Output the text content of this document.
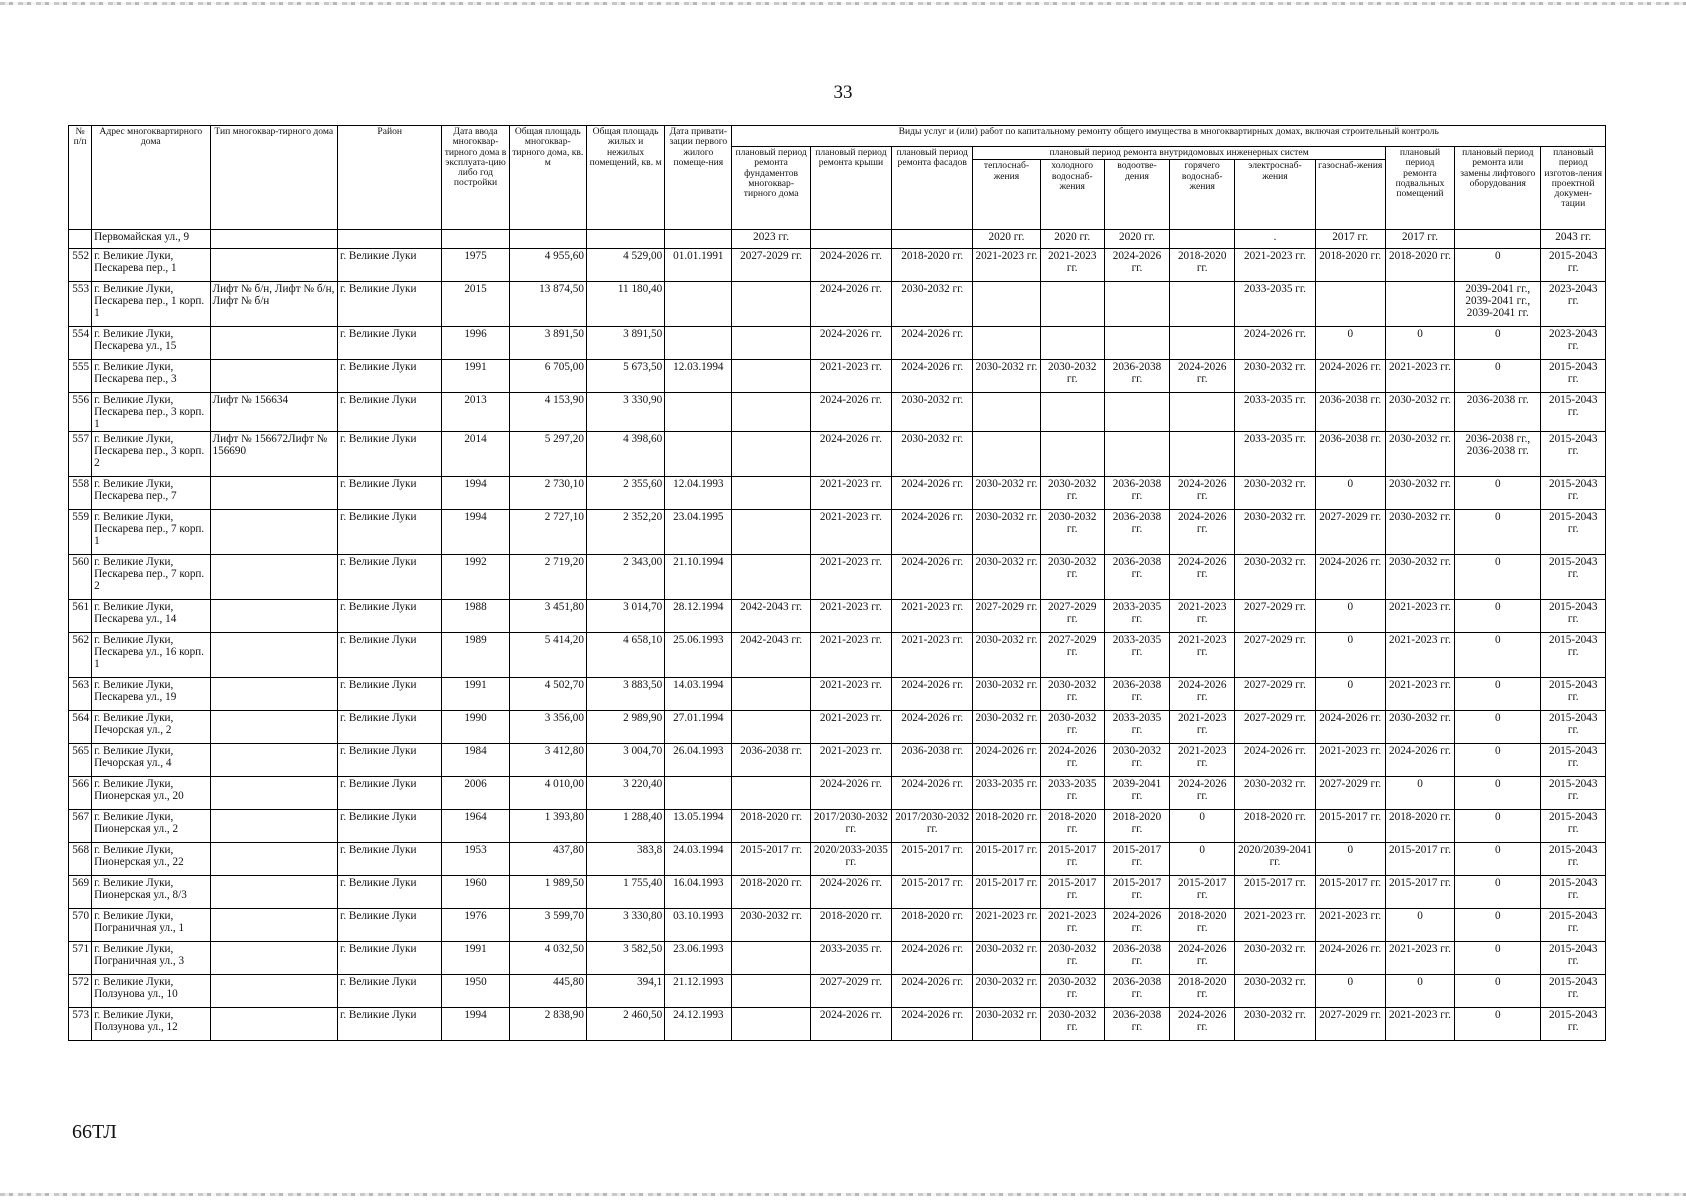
33
№ п/п	Адрес многоквартирного дома	Тип многоквар-тирного дома	Район	Дата ввода многоквар-тирного дома в эксплуата-цию либо год постройки	Общая площадь многоквар-тирного дома, кв. м	Общая площадь жилых и нежилых помещений, кв. м	Дата привати-зации первого жилого помеще-ния	Виды услуг и (или) работ по капитальному ремонту общего имущества в многоквартирных домах, включая строительный контроль											
								плановый период ремонта фундаментов многоквар-тирного дома	плановый период ремонта крыши	плановый период ремонта фасадов	плановый период ремонта внутридомовых инженерных систем						плановый период ремонта подвальных помещений	плановый период ремонта или замены лифтового оборудования	плановый период изготов-ления проектной докумен-тации
											теплоснаб-жения	холодного водоснаб-жения	водоотве-дения	горячего водоснаб-жения	электроснаб-жения	газоснаб-жения			
	Первомайская ул., 9							2023 гг.			2020 гг.	2020 гг.	2020 гг.		.	2017 гг.	2017 гг.		2043 гг.
552	г. Великие Луки, Пескарева пер., 1		г. Великие Луки	1975	4 955,60	4 529,00	01.01.1991	2027-2029 гг.	2024-2026 гг.	2018-2020 гг.	2021-2023 гг.	2021-2023 гг.	2024-2026 гг.	2018-2020 гг.	2021-2023 гг.	2018-2020 гг.	2018-2020 гг.	0	2015-2043 гг.
553	г. Великие Луки, Пескарева пер., 1 корп. 1	Лифт № б/н, Лифт № б/н, Лифт № б/н	г. Великие Луки	2015	13 874,50	11 180,40			2024-2026 гг.	2030-2032 гг.					2033-2035 гг.			2039-2041 гг., 2039-2041 гг., 2039-2041 гг.	2023-2043 гг.
554	г. Великие Луки, Пескарева ул., 15		г. Великие Луки	1996	3 891,50	3 891,50			2024-2026 гг.	2024-2026 гг.					2024-2026 гг.	0	0	0	2023-2043 гг.
555	г. Великие Луки, Пескарева пер., 3		г. Великие Луки	1991	6 705,00	5 673,50	12.03.1994		2021-2023 гг.	2024-2026 гг.	2030-2032 гг.	2030-2032 гг.	2036-2038 гг.	2024-2026 гг.	2030-2032 гг.	2024-2026 гг.	2021-2023 гг.	0	2015-2043 гг.
556	г. Великие Луки, Пескарева пер., 3 корп. 1	Лифт № 156634	г. Великие Луки	2013	4 153,90	3 330,90			2024-2026 гг.	2030-2032 гг.					2033-2035 гг.	2036-2038 гг.	2030-2032 гг.	2036-2038 гг.	2015-2043 гг.
557	г. Великие Луки, Пескарева пер., 3 корп. 2	Лифт № 156672Лифт № 156690	г. Великие Луки	2014	5 297,20	4 398,60			2024-2026 гг.	2030-2032 гг.					2033-2035 гг.	2036-2038 гг.	2030-2032 гг.	2036-2038 гг., 2036-2038 гг.	2015-2043 гг.
558	г. Великие Луки, Пескарева пер., 7		г. Великие Луки	1994	2 730,10	2 355,60	12.04.1993		2021-2023 гг.	2024-2026 гг.	2030-2032 гг.	2030-2032 гг.	2036-2038 гг.	2024-2026 гг.	2030-2032 гг.	0	2030-2032 гг.	0	2015-2043 гг.
559	г. Великие Луки, Пескарева пер., 7 корп. 1		г. Великие Луки	1994	2 727,10	2 352,20	23.04.1995		2021-2023 гг.	2024-2026 гг.	2030-2032 гг.	2030-2032 гг.	2036-2038 гг.	2024-2026 гг.	2030-2032 гг.	2027-2029 гг.	2030-2032 гг.	0	2015-2043 гг.
560	г. Великие Луки, Пескарева пер., 7 корп. 2		г. Великие Луки	1992	2 719,20	2 343,00	21.10.1994		2021-2023 гг.	2024-2026 гг.	2030-2032 гг.	2030-2032 гг.	2036-2038 гг.	2024-2026 гг.	2030-2032 гг.	2024-2026 гг.	2030-2032 гг.	0	2015-2043 гг.
561	г. Великие Луки, Пескарева ул., 14		г. Великие Луки	1988	3 451,80	3 014,70	28.12.1994	2042-2043 гг.	2021-2023 гг.	2021-2023 гг.	2027-2029 гг.	2027-2029 гг.	2033-2035 гг.	2021-2023 гг.	2027-2029 гг.	0	2021-2023 гг.	0	2015-2043 гг.
562	г. Великие Луки, Пескарева ул., 16 корп. 1		г. Великие Луки	1989	5 414,20	4 658,10	25.06.1993	2042-2043 гг.	2021-2023 гг.	2021-2023 гг.	2030-2032 гг.	2027-2029 гг.	2033-2035 гг.	2021-2023 гг.	2027-2029 гг.	0	2021-2023 гг.	0	2015-2043 гг.
563	г. Великие Луки, Пескарева ул., 19		г. Великие Луки	1991	4 502,70	3 883,50	14.03.1994		2021-2023 гг.	2024-2026 гг.	2030-2032 гг.	2030-2032 гг.	2036-2038 гг.	2024-2026 гг.	2027-2029 гг.	0	2021-2023 гг.	0	2015-2043 гг.
564	г. Великие Луки, Печорская ул., 2		г. Великие Луки	1990	3 356,00	2 989,90	27.01.1994		2021-2023 гг.	2024-2026 гг.	2030-2032 гг.	2030-2032 гг.	2033-2035 гг.	2021-2023 гг.	2027-2029 гг.	2024-2026 гг.	2030-2032 гг.	0	2015-2043 гг.
565	г. Великие Луки, Печорская ул., 4		г. Великие Луки	1984	3 412,80	3 004,70	26.04.1993	2036-2038 гг.	2021-2023 гг.	2036-2038 гг.	2024-2026 гг.	2024-2026 гг.	2030-2032 гг.	2021-2023 гг.	2024-2026 гг.	2021-2023 гг.	2024-2026 гг.	0	2015-2043 гг.
566	г. Великие Луки, Пионерская ул., 20		г. Великие Луки	2006	4 010,00	3 220,40			2024-2026 гг.	2024-2026 гг.	2033-2035 гг.	2033-2035 гг.	2039-2041 гг.	2024-2026 гг.	2030-2032 гг.	2027-2029 гг.	0	0	2015-2043 гг.
567	г. Великие Луки, Пионерская ул., 2		г. Великие Луки	1964	1 393,80	1 288,40	13.05.1994	2018-2020 гг.	2017/2030-2032 гг.	2017/2030-2032 гг.	2018-2020 гг.	2018-2020 гг.	2018-2020 гг.	0	2018-2020 гг.	2015-2017 гг.	2018-2020 гг.	0	2015-2043 гг.
568	г. Великие Луки, Пионерская ул., 22		г. Великие Луки	1953	437,80	383,8	24.03.1994	2015-2017 гг.	2020/2033-2035 гг.	2015-2017 гг.	2015-2017 гг.	2015-2017 гг.	2015-2017 гг.	0	2020/2039-2041 гг.	0	2015-2017 гг.	0	2015-2043 гг.
569	г. Великие Луки, Пионерская ул., 8/3		г. Великие Луки	1960	1 989,50	1 755,40	16.04.1993	2018-2020 гг.	2024-2026 гг.	2015-2017 гг.	2015-2017 гг.	2015-2017 гг.	2015-2017 гг.	2015-2017 гг.	2015-2017 гг.	2015-2017 гг.	2015-2017 гг.	0	2015-2043 гг.
570	г. Великие Луки, Пограничная ул., 1		г. Великие Луки	1976	3 599,70	3 330,80	03.10.1993	2030-2032 гг.	2018-2020 гг.	2018-2020 гг.	2021-2023 гг.	2021-2023 гг.	2024-2026 гг.	2018-2020 гг.	2021-2023 гг.	2021-2023 гг.	0	0	2015-2043 гг.
571	г. Великие Луки, Пограничная ул., 3		г. Великие Луки	1991	4 032,50	3 582,50	23.06.1993		2033-2035 гг.	2024-2026 гг.	2030-2032 гг.	2030-2032 гг.	2036-2038 гг.	2024-2026 гг.	2030-2032 гг.	2024-2026 гг.	2021-2023 гг.	0	2015-2043 гг.
572	г. Великие Луки, Ползунова ул., 10		г. Великие Луки	1950	445,80	394,1	21.12.1993		2027-2029 гг.	2024-2026 гг.	2030-2032 гг.	2030-2032 гг.	2036-2038 гг.	2018-2020 гг.	2030-2032 гг.	0	0	0	2015-2043 гг.
573	г. Великие Луки, Ползунова ул., 12		г. Великие Луки	1994	2 838,90	2 460,50	24.12.1993		2024-2026 гг.	2024-2026 гг.	2030-2032 гг.	2030-2032 гг.	2036-2038 гг.	2024-2026 гг.	2030-2032 гг.	2027-2029 гг.	2021-2023 гг.	0	2015-2043 гг.
66ТЛ
